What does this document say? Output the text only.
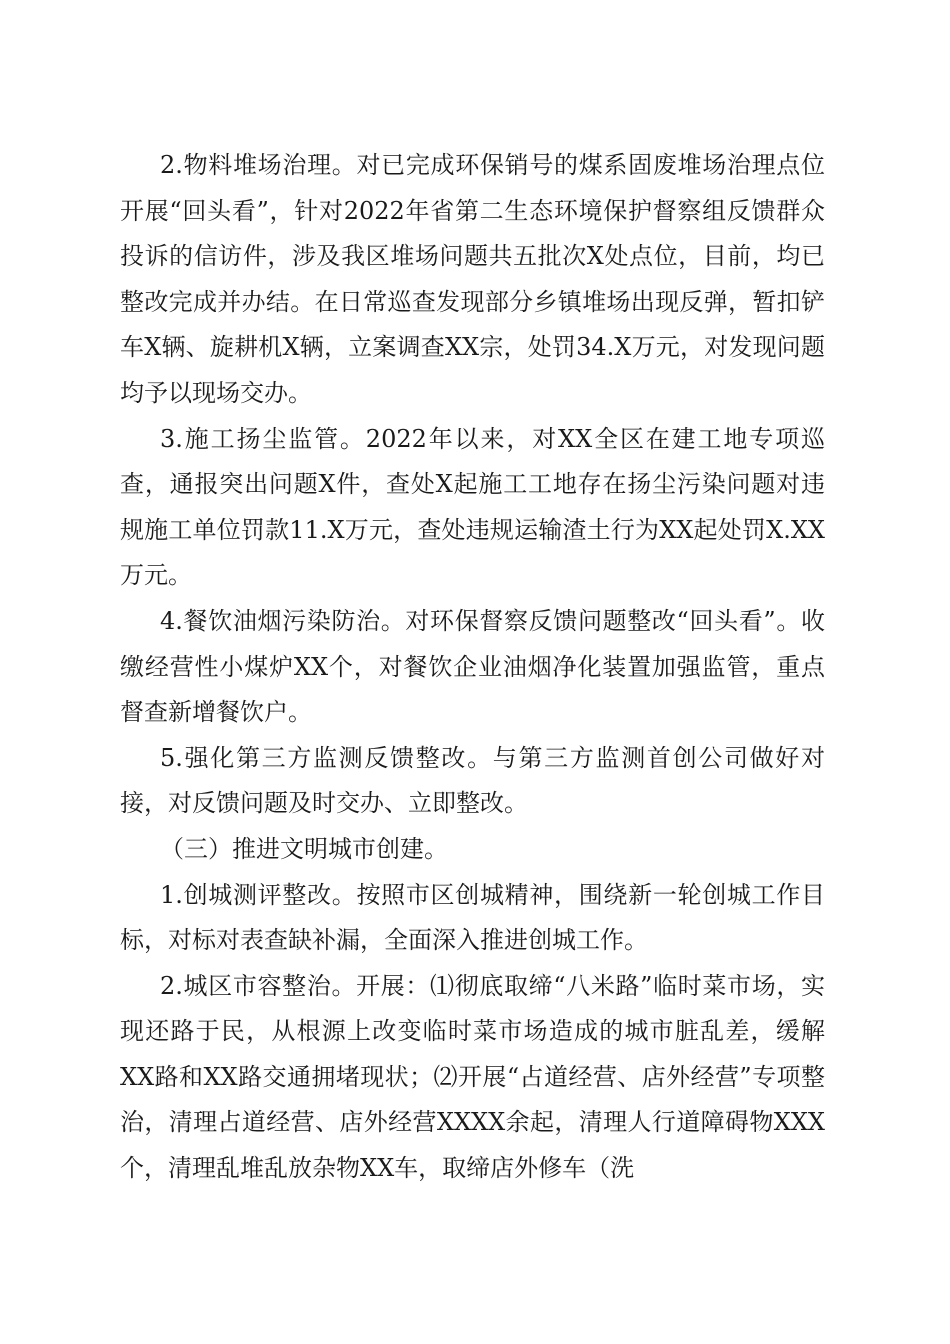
2.物料堆场治理。对已完成环保销号的煤系固废堆场治理点位开展“回头看”，针对2022年省第二生态环境保护督察组反馈群众投诉的信访件，涉及我区堆场问题共五批次X处点位，目前，均已整改完成并办结。在日常巡查发现部分乡镇堆场出现反弹，暂扣铲车X辆、旋耕机X辆，立案调查XX宗，处罚34.X万元，对发现问题均予以现场交办。

3.施工扬尘监管。2022年以来，对XX全区在建工地专项巡查，通报突出问题X件，查处X起施工工地存在扬尘污染问题对违规施工单位罚款11.X万元，查处违规运输渣土行为XX起处罚X.XX万元。

4.餐饮油烟污染防治。对环保督察反馈问题整改“回头看”。收缴经营性小煤炉XX个，对餐饮企业油烟净化装置加强监管，重点督查新增餐饮户。

5.强化第三方监测反馈整改。与第三方监测首创公司做好对接，对反馈问题及时交办、立即整改。

（三）推进文明城市创建。

1.创城测评整改。按照市区创城精神，围绕新一轮创城工作目标，对标对表查缺补漏，全面深入推进创城工作。

2.城区市容整治。开展：⑴彻底取缔“八米路”临时菜市场，实现还路于民，从根源上改变临时菜市场造成的城市脏乱差，缓解XX路和XX路交通拥堵现状；⑵开展“占道经营、店外经营”专项整治，清理占道经营、店外经营XXXX余起，清理人行道障碍物XXX个，清理乱堆乱放杂物XX车，取缔店外修车（洗
